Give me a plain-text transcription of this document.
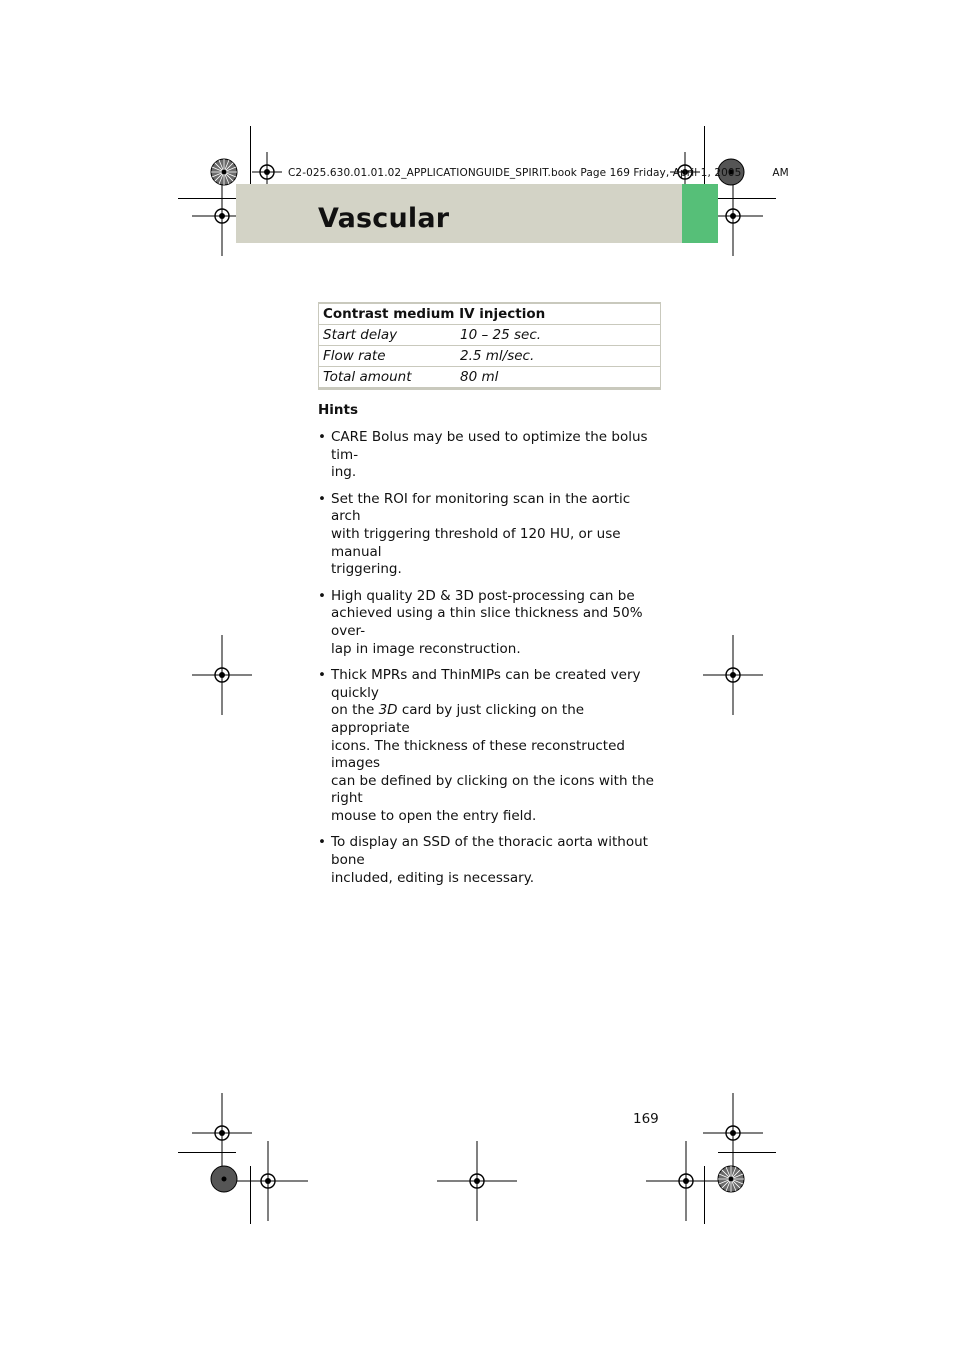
C2-025.630.01.01.02_APPLICATIONGUIDE_SPIRIT.book Page 169 Friday, April 1, 2005	AM
Vascular
Contrast medium IV injection
Start delay	10 – 25 sec.
Flow rate	2.5 ml/sec.
Total amount	80 ml
Hints
• CARE Bolus may be used to optimize the bolus tim-
ing.
• Set the ROI for monitoring scan in the aortic arch
with triggering threshold of 120 HU, or use manual
triggering.
• High quality 2D & 3D post-processing can be
achieved using a thin slice thickness and 50% over-
lap in image reconstruction.
• Thick MPRs and ThinMIPs can be created very quickly
on the 3D card by just clicking on the appropriate
icons. The thickness of these reconstructed images
can be defined by clicking on the icons with the right
mouse to open the entry field.
• To display an SSD of the thoracic aorta without bone
included, editing is necessary.
169
